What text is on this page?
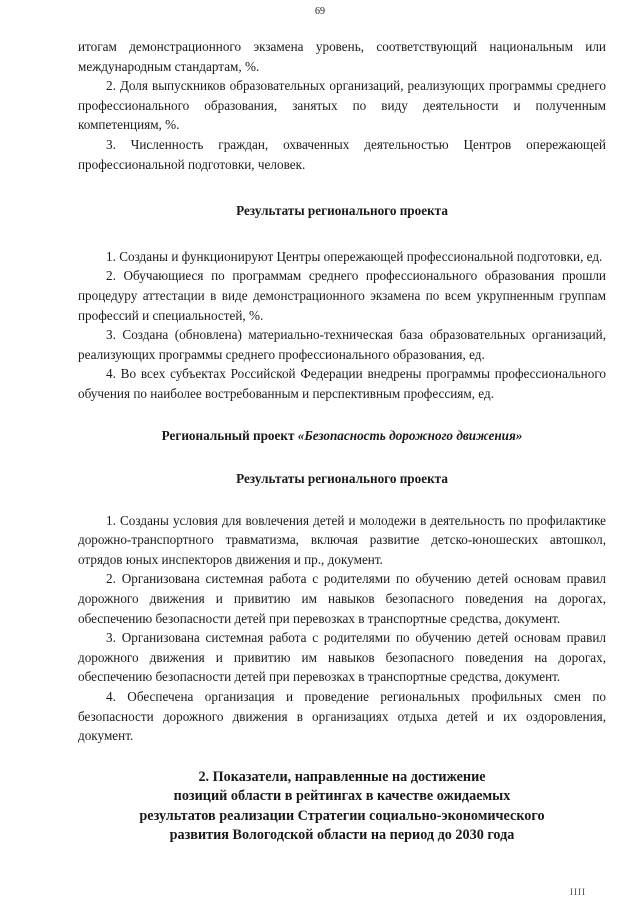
69

итогам демонстрационного экзамена уровень, соответствующий национальным или международным стандартам, %.

2. Доля выпускников образовательных организаций, реализующих программы среднего профессионального образования, занятых по виду деятельности и полученным компетенциям, %.

3. Численность граждан, охваченных деятельностью Центров опережающей профессиональной подготовки, человек.

Результаты регионального проекта

1. Созданы и функционируют Центры опережающей профессиональной подготовки, ед.

2. Обучающиеся по программам среднего профессионального образования прошли процедуру аттестации в виде демонстрационного экзамена по всем укрупненным группам профессий и специальностей, %.

3. Создана (обновлена) материально-техническая база образовательных организаций, реализующих программы среднего профессионального образования, ед.

4. Во всех субъектах Российской Федерации внедрены программы профессионального обучения по наиболее востребованным и перспективным профессиям, ед.

Региональный проект «Безопасность дорожного движения»
Результаты регионального проекта

1. Созданы условия для вовлечения детей и молодежи в деятельность по профилактике дорожно-транспортного травматизма, включая развитие детско-юношеских автошкол, отрядов юных инспекторов движения и пр., документ.

2. Организована системная работа с родителями по обучению детей основам правил дорожного движения и привитию им навыков безопасного поведения на дорогах, обеспечению безопасности детей при перевозках в транспортные средства, документ.

3. Организована системная работа с родителями по обучению детей основам правил дорожного движения и привитию им навыков безопасного поведения на дорогах, обеспечению безопасности детей при перевозках в транспортные средства, документ.

4. Обеспечена организация и проведение региональных профильных смен по безопасности дорожного движения в организациях отдыха детей и их оздоровления, документ.

2. Показатели, направленные на достижение
позиций области в рейтингах в качестве ожидаемых
результатов реализации Стратегии социально-экономического
развития Вологодской области на период до 2030 года
IIII
